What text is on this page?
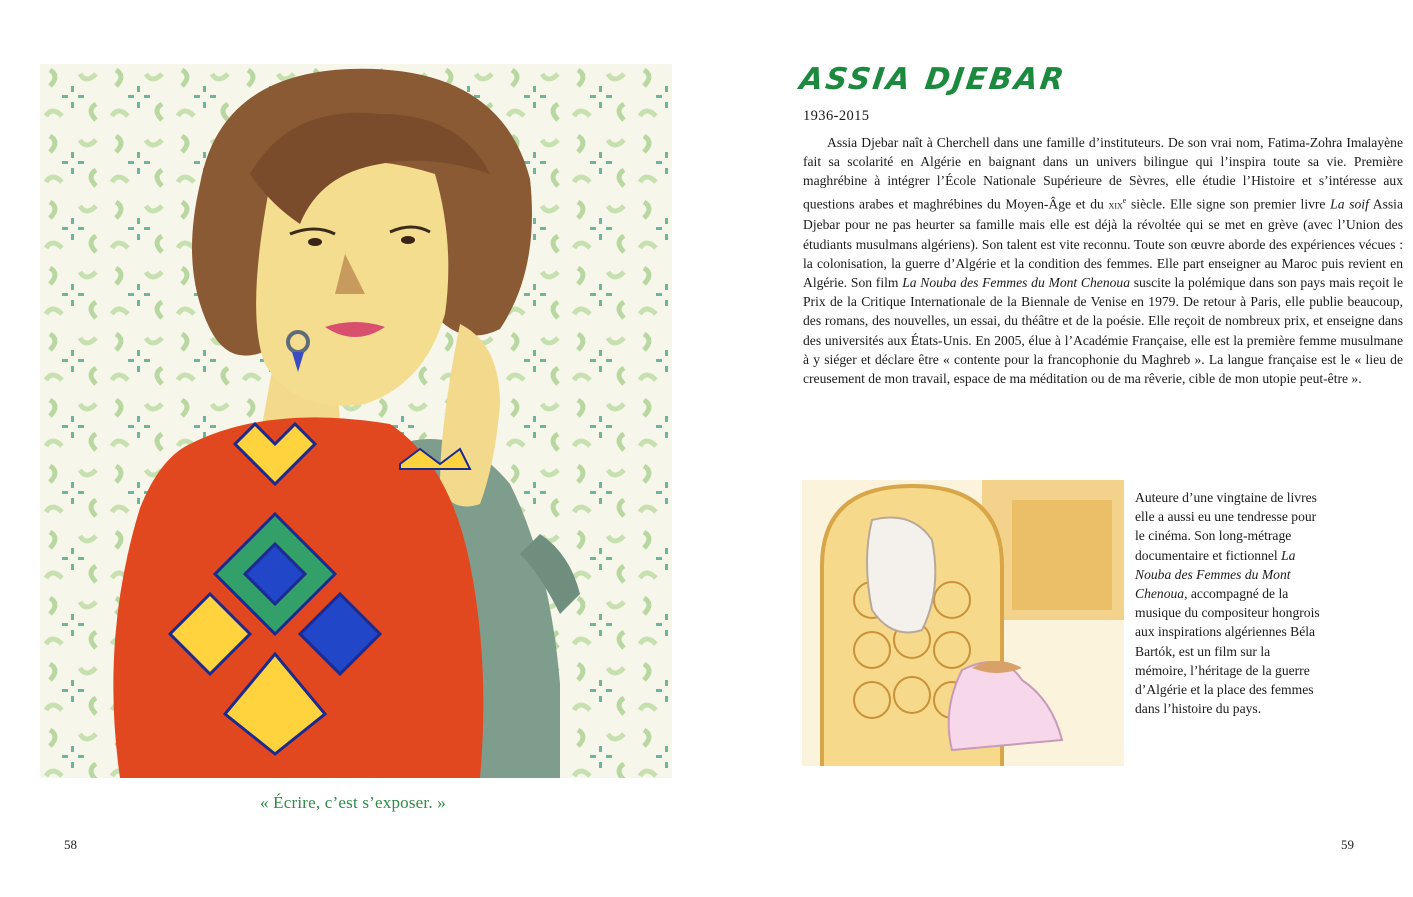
« Écrire, c’est s’exposer. »
58
ASSIA DJEBAR
1936-2015

Assia Djebar naît à Cherchell dans une famille d’instituteurs. De son vrai nom, Fatima-Zohra Imalayène fait sa scolarité en Algérie en baignant dans un univers bilingue qui l’inspira toute sa vie. Première maghrébine à intégrer l’École Nationale Supérieure de Sèvres, elle étudie l’Histoire et s’intéresse aux questions arabes et maghrébines du Moyen-Âge et du xix$^e$ siècle. Elle signe son premier livre La soif Assia Djebar pour ne pas heurter sa famille mais elle est déjà la révoltée qui se met en grève (avec l’Union des étudiants musulmans algériens). Son talent est vite reconnu. Toute son œuvre aborde des expériences vécues : la colonisation, la guerre d’Algérie et la condition des femmes. Elle part enseigner au Maroc puis revient en Algérie. Son film La Nouba des Femmes du Mont Chenoua suscite la polémique dans son pays mais reçoit le Prix de la Critique Internationale de la Biennale de Venise en 1979. De retour à Paris, elle publie beaucoup, des romans, des nouvelles, un essai, du théâtre et de la poésie. Elle reçoit de nombreux prix, et enseigne dans des universités aux États-Unis. En 2005, élue à l’Académie Française, elle est la première femme musulmane à y siéger et déclare être « contente pour la francophonie du Maghreb ». La langue française est le « lieu de creusement de mon travail, espace de ma méditation ou de ma rêverie, cible de mon utopie peut-être ».

Auteure d’une vingtaine de livres elle a aussi eu une tendresse pour le cinéma. Son long-métrage documentaire et fictionnel La Nouba des Femmes du Mont Chenoua, accompagné de la musique du compositeur hongrois aux inspirations algériennes Béla Bartók, est un film sur la mémoire, l’héritage de la guerre d’Algérie et la place des femmes dans l’histoire du pays.

59
